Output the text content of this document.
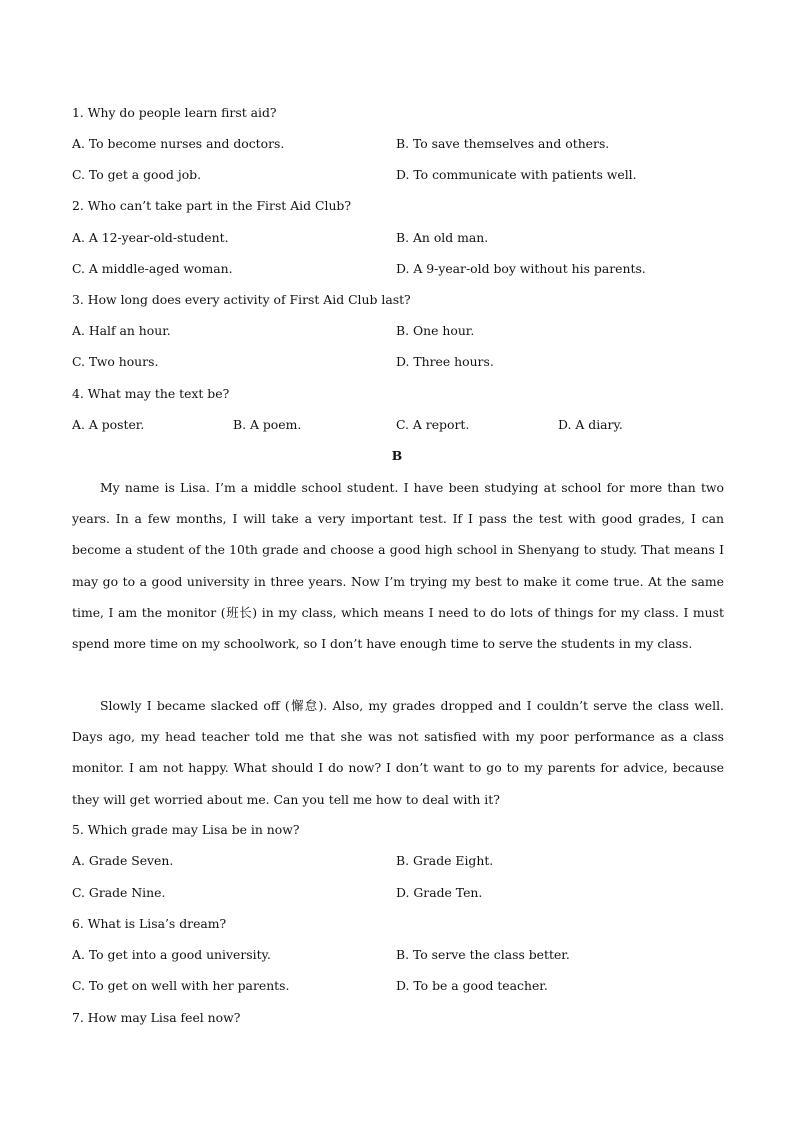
1. Why do people learn first aid?
A. To become nurses and doctors.	B. To save themselves and others.
C. To get a good job.	D. To communicate with patients well.
2. Who can’t take part in the First Aid Club?
A. A 12-year-old-student.	B. An old man.
C. A middle-aged woman.	D. A 9-year-old boy without his parents.
3. How long does every activity of First Aid Club last?
A. Half an hour.	B. One hour.
C. Two hours.	D. Three hours.
4. What may the text be?
A. A poster.	B. A poem.	C. A report.	D. A diary.
B
My name is Lisa. I’m a middle school student. I have been studying at school for more than two years. In a few months, I will take a very important test. If I pass the test with good grades, I can become a student of the 10th grade and choose a good high school in Shenyang to study. That means I may go to a good university in three years. Now I’m trying my best to make it come true. At the same time, I am the monitor (班长) in my class, which means I need to do lots of things for my class. I must spend more time on my schoolwork, so I don’t have enough time to serve the students in my class.
Slowly I became slacked off (懈怠). Also, my grades dropped and I couldn’t serve the class well. Days ago, my head teacher told me that she was not satisfied with my poor performance as a class monitor. I am not happy. What should I do now? I don’t want to go to my parents for advice, because they will get worried about me. Can you tell me how to deal with it?
5. Which grade may Lisa be in now?
A. Grade Seven.	B. Grade Eight.
C. Grade Nine.	D. Grade Ten.
6. What is Lisa’s dream?
A. To get into a good university.	B. To serve the class better.
C. To get on well with her parents.	D. To be a good teacher.
7. How may Lisa feel now?
